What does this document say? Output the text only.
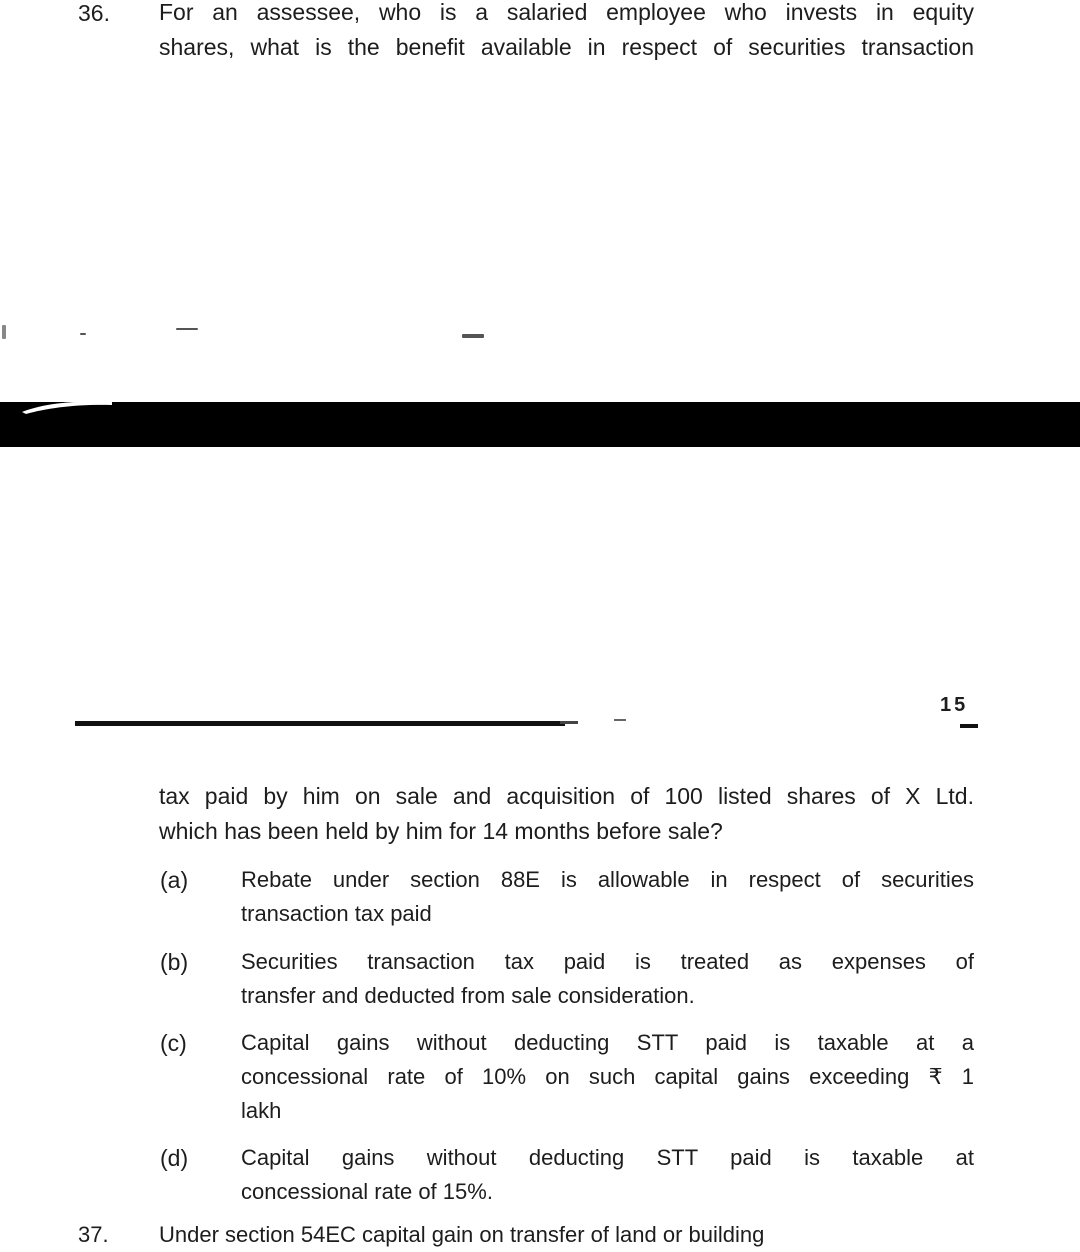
36. For an assessee, who is a salaried employee who invests in equity
shares, what is the benefit available in respect of securities transaction
15
tax paid by him on sale and acquisition of 100 listed shares of X Ltd.
which has been held by him for 14 months before sale?
(a) Rebate under section 88E is allowable in respect of securities
transaction tax paid
(b) Securities transaction tax paid is treated as expenses of
transfer and deducted from sale consideration.
(c) Capital gains without deducting STT paid is taxable at a
concessional rate of 10% on such capital gains exceeding ₹ 1
lakh
(d) Capital gains without deducting STT paid is taxable at
concessional rate of 15%.
37. Under section 54EC capital gain on transfer of land or building
